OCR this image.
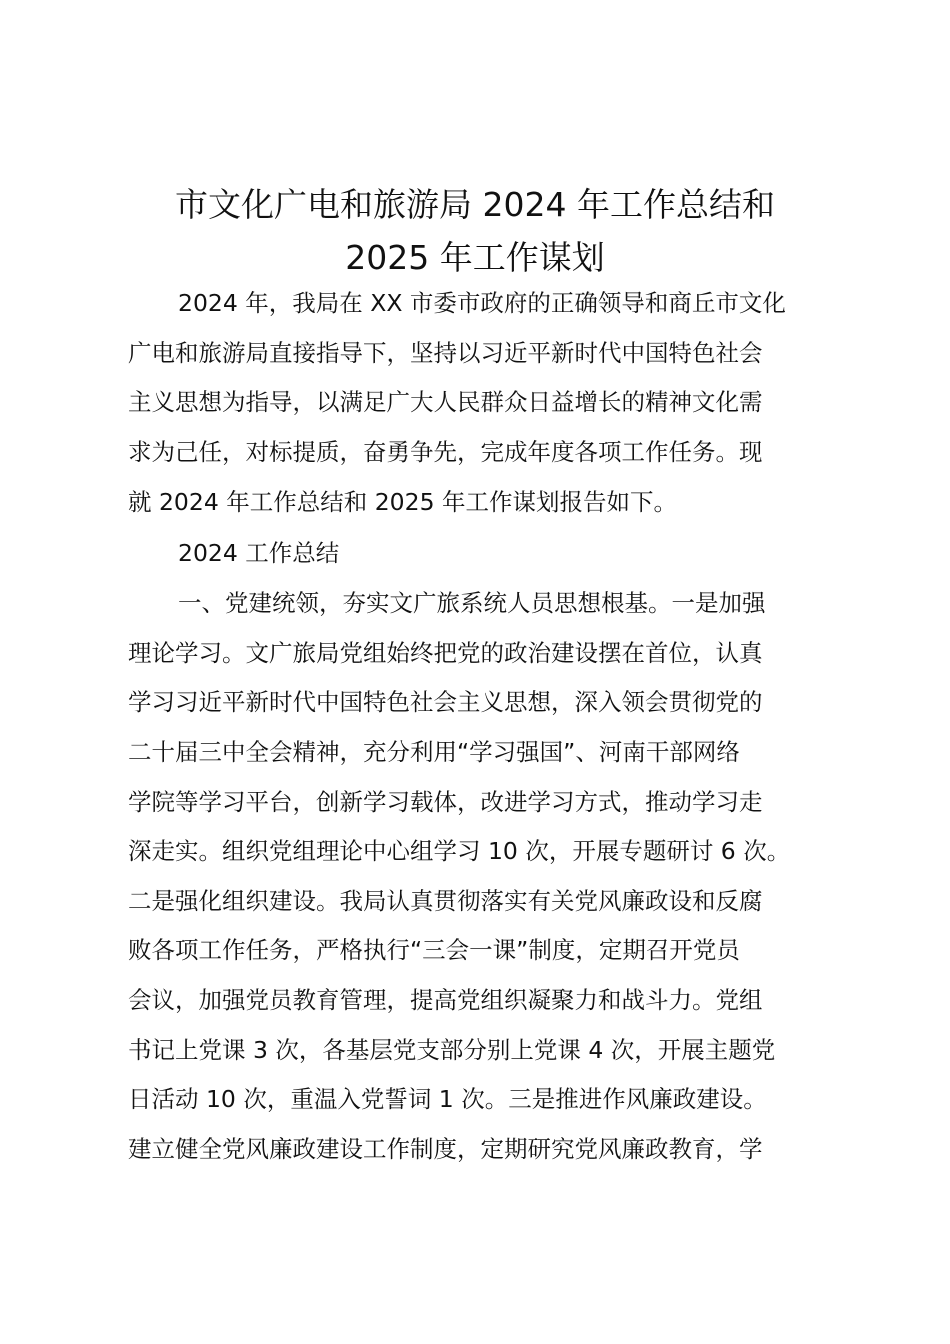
市文化广电和旅游局 2024 年工作总结和
2025 年工作谋划

2024 年，我局在 XX 市委市政府的正确领导和商丘市文化

广电和旅游局直接指导下，坚持以习近平新时代中国特色社会

主义思想为指导，以满足广大人民群众日益增长的精神文化需

求为己任，对标提质，奋勇争先，完成年度各项工作任务。现

就 2024 年工作总结和 2025 年工作谋划报告如下。

2024 工作总结

一、党建统领，夯实文广旅系统人员思想根基。一是加强

理论学习。文广旅局党组始终把党的政治建设摆在首位，认真

学习习近平新时代中国特色社会主义思想，深入领会贯彻党的

二十届三中全会精神，充分利用“学习强国”、河南干部网络

学院等学习平台，创新学习载体，改进学习方式，推动学习走

深走实。组织党组理论中心组学习 10 次，开展专题研讨 6 次。

二是强化组织建设。我局认真贯彻落实有关党风廉政设和反腐

败各项工作任务，严格执行“三会一课”制度，定期召开党员

会议，加强党员教育管理，提高党组织凝聚力和战斗力。党组

书记上党课 3 次，各基层党支部分别上党课 4 次，开展主题党

日活动 10 次，重温入党誓词 1 次。三是推进作风廉政建设。

建立健全党风廉政建设工作制度，定期研究党风廉政教育，学
